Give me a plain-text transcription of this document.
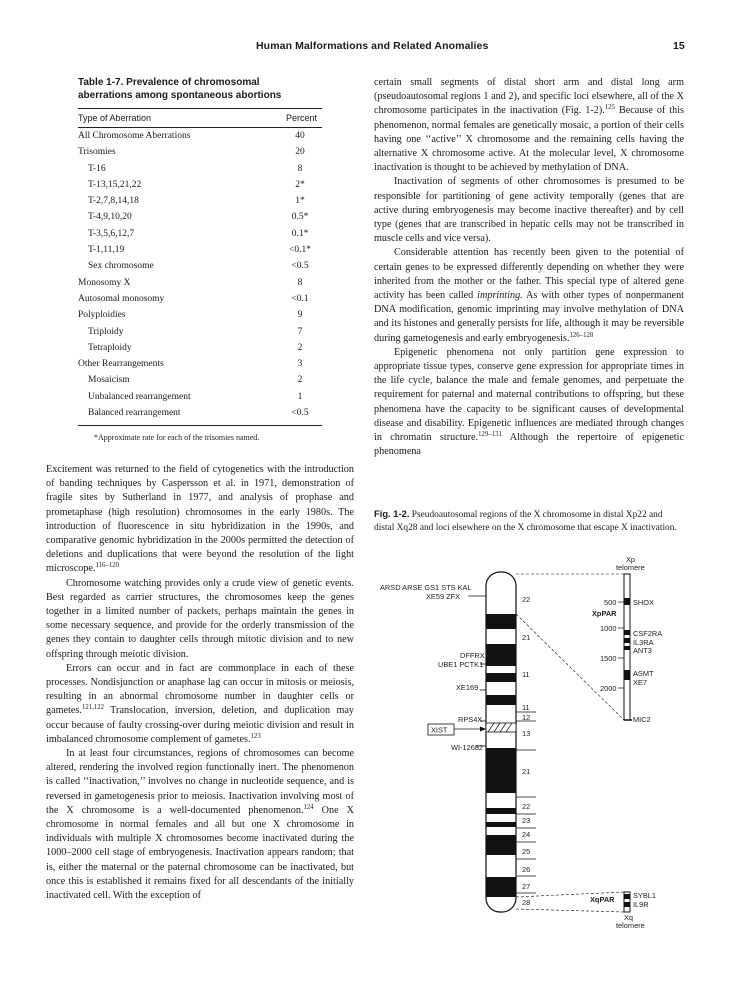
Human Malformations and Related Anomalies	15
Table 1-7. Prevalence of chromosomal
aberrations among spontaneous abortions
Type of Aberration	Percent
All Chromosome Aberrations	40
Trisomies	20
T-16	8
T-13,15,21,22	2*
T-2,7,8,14,18	1*
T-4,9,10,20	0.5*
T-3,5,6,12,7	0.1*
T-1,11,19	<0.1*
Sex chromosome	<0.5
Monosomy X	8
Autosomal monosomy	<0.1
Polyploidies	9
Triploidy	7
Tetraploidy	2
Other Rearrangements	3
Mosaicism	2
Unbalanced rearrangement	1
Balanced rearrangement	<0.5
*Approximate rate for each of the trisomies named.

Excitement was returned to the field of cytogenetics with the introduction of banding techniques by Caspersson et al. in 1971, demonstration of fragile sites by Sutherland in 1977, and analysis of prophase and prometaphase (high resolution) chromosomes in the early 1980s. The introduction of fluorescence in situ hybridization in the 1990s, and comparative genomic hybridization in the 2000s permitted the detection of deletions and duplications that were beyond the resolution of the light microscope.$^{116-120}$

Chromosome watching provides only a crude view of genetic events. Best regarded as carrier structures, the chromosomes keep the genes together in a limited number of packets, perhaps maintain the genes in some necessary sequence, and provide for the orderly transmission of the genes they contain to daughter cells through mitotic division and to new offspring through meiotic division.

Errors can occur and in fact are commonplace in each of these processes. Nondisjunction or anaphase lag can occur in mitosis or meiosis, resulting in an abnormal chromosome number in daughter cells or gametes.$^{121,122}$ Translocation, inversion, deletion, and duplication may occur because of faulty crossing-over during meiotic division and result in imbalanced chromosome complement of gametes.$^{123}$

In at least four circumstances, regions of chromosomes can become altered, rendering the involved region functionally inert. The phenomenon is called ‘‘inactivation,’’ involves no change in nucleotide sequence, and is reversed in gametogenesis prior to meiosis. Inactivation involving most of the X chromosome is a well-documented phenomenon.$^{124}$ One X chromosome in normal females and all but one X chromosome in individuals with multiple X chromosomes become inactivated during the 1000–2000 cell stage of embryogenesis. Inactivation appears random; that is, either the maternal or the paternal chromosome can be inactivated, but once this is established it remains fixed for all descendants of the initially inactivated cell. With the exception of

certain small segments of distal short arm and distal long arm (pseudoautosomal regions 1 and 2), and specific loci elsewhere, all of the X chromosome participates in the inactivation (Fig. 1-2).$^{125}$ Because of this phenomenon, normal females are genetically mosaic, a portion of their cells having one ‘‘active’’ X chromosome and the remaining cells having the alternative X chromosome active. At the molecular level, X chromosome inactivation is thought to be achieved by methylation of DNA.

Inactivation of segments of other chromosomes is presumed to be responsible for partitioning of gene activity temporally (genes that are active during embryogenesis may become inactive thereafter) and by cell type (genes that are transcribed in hepatic cells may not be transcribed in muscle cells and vice versa).

Considerable attention has recently been given to the potential of certain genes to be expressed differently depending on whether they were inherited from the mother or the father. This special type of altered gene activity has been called imprinting. As with other types of nonpermanent DNA modification, genomic imprinting may involve methylation of DNA and its histones and generally persists for life, although it may be reversible during gametogenesis and early embryogenesis.$^{126-128}$

Epigenetic phenomena not only partition gene expression to appropriate tissue types, conserve gene expression for appropriate times in the life cycle, balance the male and female genomes, and perpetuate the requirement for paternal and maternal contributions to offspring, but these phenomena have the capacity to be significant causes of developmental disease and disability. Epigenetic influences are mediated through changes in chromatin structure.$^{129-131}$ Although the repertoire of epigenetic phenomena

Fig. 1-2. Pseudoautosomal regions of the X chromosome in distal Xp22 and distal Xq28 and loci elsewhere on the X chromosome that escape X inactivation.
22
21
11
11
12
13
21
22
23
24
25
26
27
28
ARSD ARSE GS1 STS KAL
XE59 ZFX
DFFRX
UBE1 PCTK1
XE169
RPS4X
XIST
WI-12682
Xp
telomere
XpPAR
500
1000
1500
2000
SHOX
CSF2RA
IL3RA
ANT3
ASMT
XE7
MIC2
XqPAR	SYBL1
IL9R
Xq
telomere
